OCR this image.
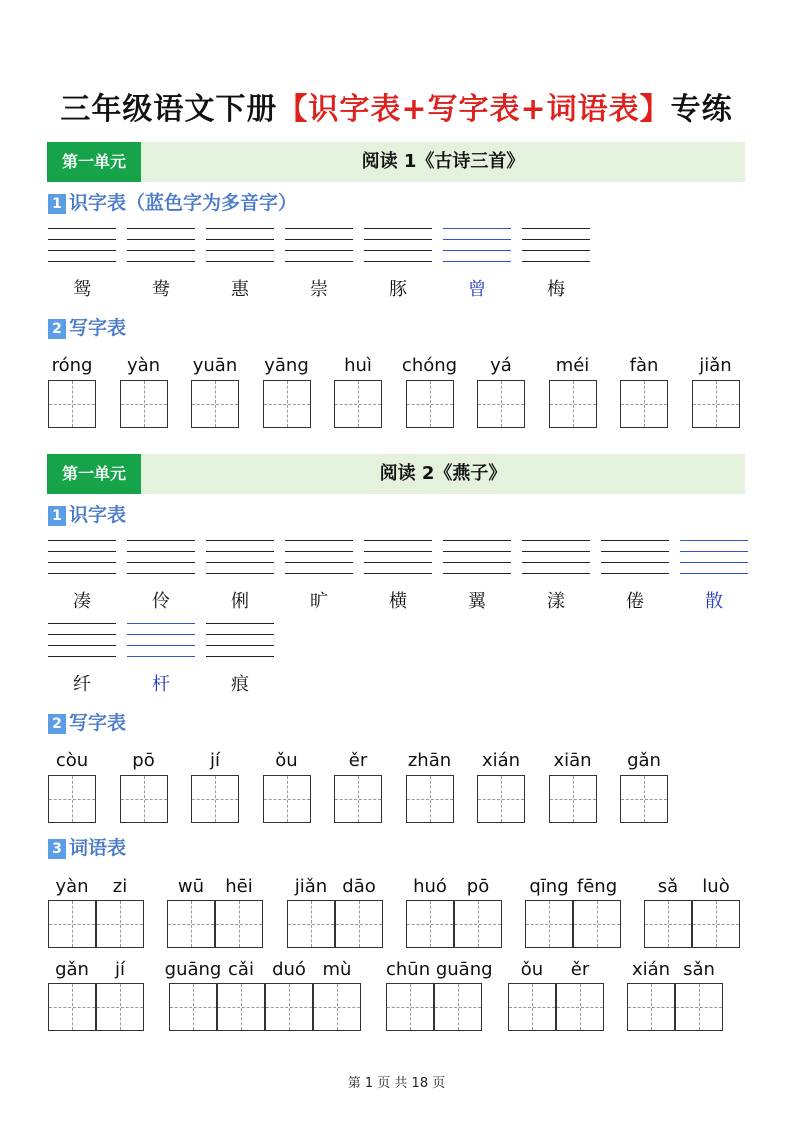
三年级语文下册【识字表+写字表+词语表】专练
第一单元	阅读 1《古诗三首》
1 识字表（蓝色字为多音字）
鸳	鸯	惠	崇	豚	曾	梅
2 写字表
róng	yàn	yuān	yāng	huì	chóng	yá	méi	fàn	jiǎn
第一单元	阅读 2《燕子》
1 识字表
凑	伶	俐	旷	横	翼	漾	倦	散
纤	杆	痕
2 写字表
còu	pō	jí	ǒu	ěr	zhān	xián	xiān	gǎn
3 词语表
yàn	zi	wū	hēi	jiǎn dāo	huó	pō	qīng fēng	sǎ	luò
gǎn	jí	guāng cǎi	duó mù	chūn guāng	ǒu	ěr	xián sǎn
第 1 页 共 18 页
